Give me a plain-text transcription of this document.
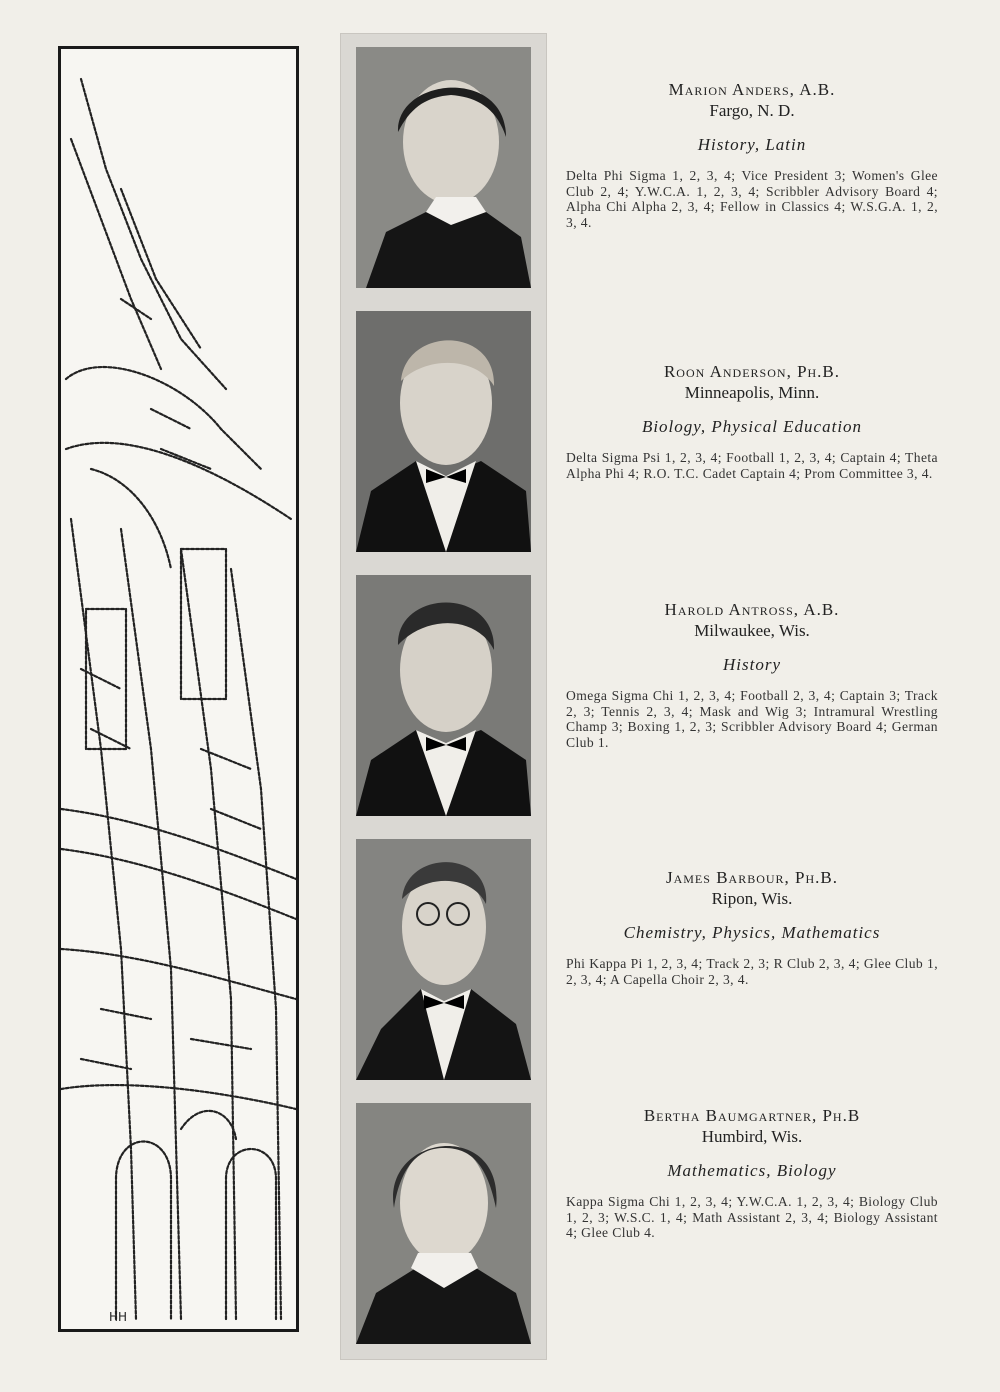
HH
Marion Anders, A.B.
Fargo, N. D.
History, Latin
Delta Phi Sigma 1, 2, 3, 4; Vice President 3; Women's Glee Club 2, 4; Y.W.C.A. 1, 2, 3, 4; Scribbler Advisory Board 4; Alpha Chi Alpha 2, 3, 4; Fellow in Classics 4; W.S.G.A. 1, 2, 3, 4.
Roon Anderson, Ph.B.
Minneapolis, Minn.
Biology, Physical Education
Delta Sigma Psi 1, 2, 3, 4; Football 1, 2, 3, 4; Captain 4; Theta Alpha Phi 4; R.O. T.C. Cadet Captain 4; Prom Committee 3, 4.
Harold Antross, A.B.
Milwaukee, Wis.
History
Omega Sigma Chi 1, 2, 3, 4; Football 2, 3, 4; Captain 3; Track 2, 3; Tennis 2, 3, 4; Mask and Wig 3; Intramural Wrestling Champ 3; Boxing 1, 2, 3; Scribbler Advisory Board 4; German Club 1.
James Barbour, Ph.B.
Ripon, Wis.
Chemistry, Physics, Mathematics
Phi Kappa Pi 1, 2, 3, 4; Track 2, 3; R Club 2, 3, 4; Glee Club 1, 2, 3, 4; A Capella Choir 2, 3, 4.
Bertha Baumgartner, Ph.B
Humbird, Wis.
Mathematics, Biology
Kappa Sigma Chi 1, 2, 3, 4; Y.W.C.A. 1, 2, 3, 4; Biology Club 1, 2, 3; W.S.C. 1, 4; Math Assistant 2, 3, 4; Biology Assistant 4; Glee Club 4.
